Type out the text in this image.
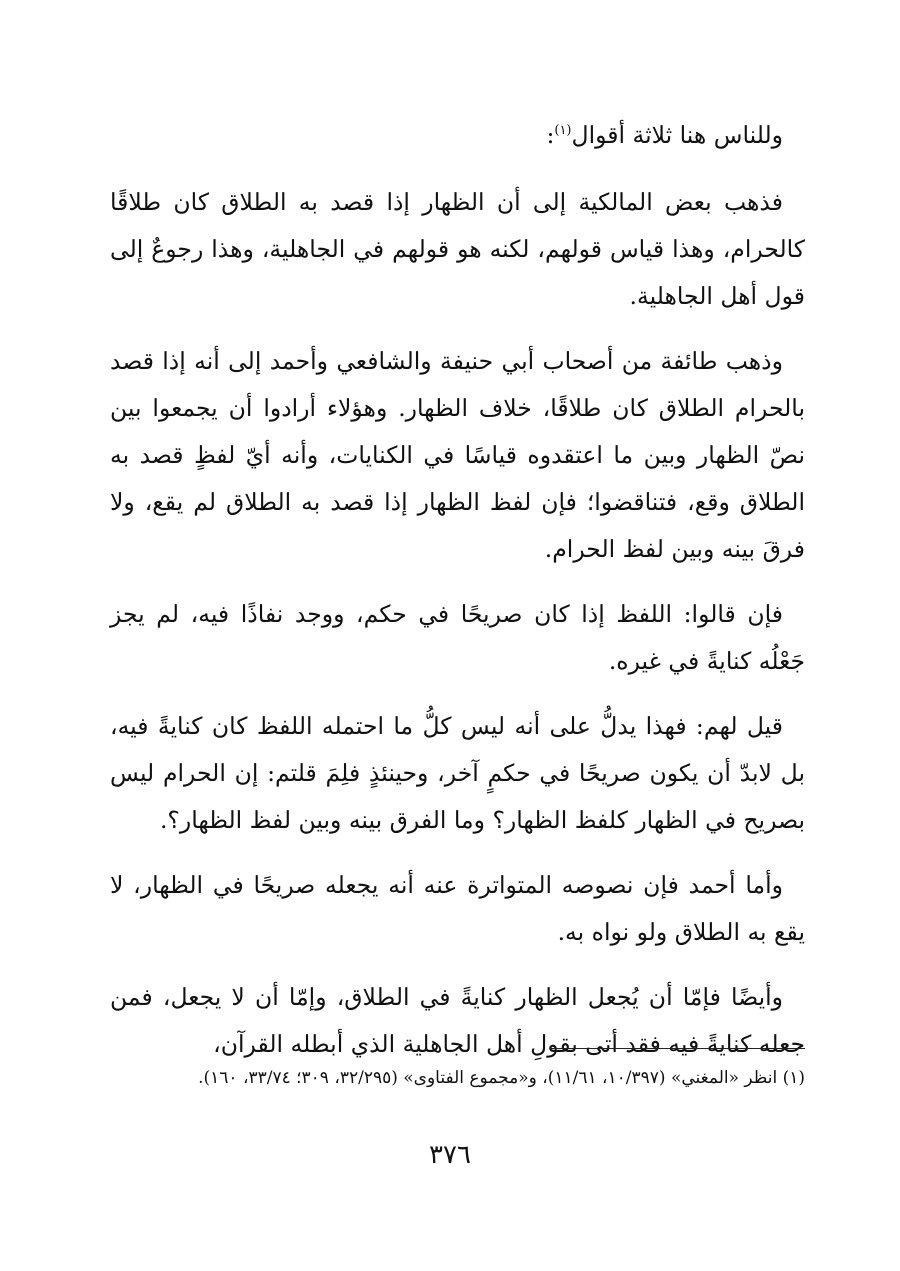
وللناس هنا ثلاثة أقوال$^{(١)}$:

فذهب بعض المالكية إلى أن الظهار إذا قصد به الطلاق كان طلاقًا كالحرام، وهذا قياس قولهم، لكنه هو قولهم في الجاهلية، وهذا رجوعٌ إلى قول أهل الجاهلية.

وذهب طائفة من أصحاب أبي حنيفة والشافعي وأحمد إلى أنه إذا قصد بالحرام الطلاق كان طلاقًا، خلاف الظهار. وهؤلاء أرادوا أن يجمعوا بين نصّ الظهار وبين ما اعتقدوه قياسًا في الكنايات، وأنه أيّ لفظٍ قصد به الطلاق وقع، فتناقضوا؛ فإن لفظ الظهار إذا قصد به الطلاق لم يقع، ولا فرقَ بينه وبين لفظ الحرام.

فإن قالوا: اللفظ إذا كان صريحًا في حكم، ووجد نفاذًا فيه، لم يجز جَعْلُه كنايةً في غيره.

قيل لهم: فهذا يدلُّ على أنه ليس كلُّ ما احتمله اللفظ كان كنايةً فيه، بل لابدّ أن يكون صريحًا في حكمٍ آخر، وحينئذٍ فلِمَ قلتم: إن الحرام ليس بصريح في الظهار كلفظ الظهار؟ وما الفرق بينه وبين لفظ الظهار؟.

وأما أحمد فإن نصوصه المتواترة عنه أنه يجعله صريحًا في الظهار، لا يقع به الطلاق ولو نواه به.

وأيضًا فإمّا أن يُجعل الظهار كنايةً في الطلاق، وإمّا أن لا يجعل، فمن جعله كنايةً فيه فقد أتى بقولِ أهل الجاهلية الذي أبطله القرآن،

(١) انظر «المغني» (١٠/٣٩٧، ١١/٦١)، و«مجموع الفتاوى» (٣٢/٢٩٥، ٣٠٩؛ ٣٣/٧٤، ١٦٠).
٣٧٦
